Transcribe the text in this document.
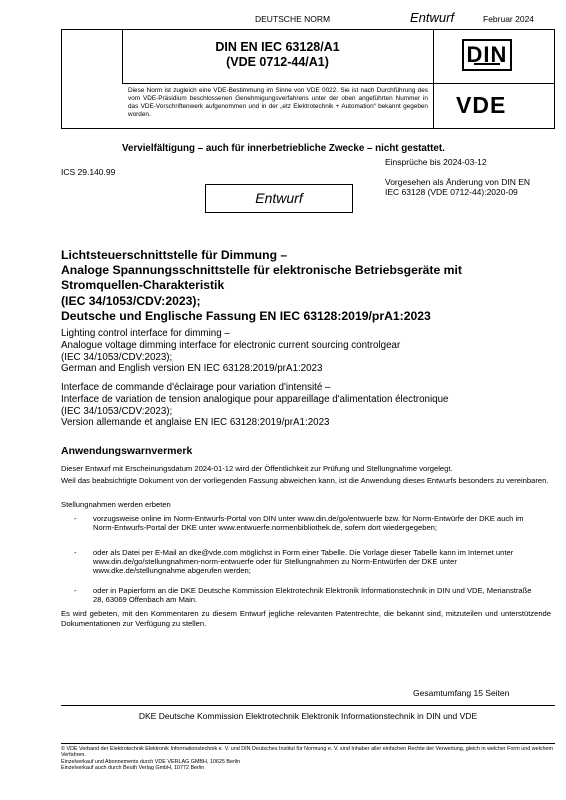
DEUTSCHE NORM	Entwurf	Februar 2024
DIN EN IEC 63128/A1
(VDE 0712-44/A1)
Diese Norm ist zugleich eine VDE-Bestimmung im Sinne von VDE 0022. Sie ist nach Durchführung des vom VDE-Präsidium beschlossenen Genehmigungsverfahrens unter der oben angeführten Nummer in das VDE-Vorschriftenwerk aufgenommen und in der „etz Elektrotechnik + Automation“ bekannt gegeben worden.
DIN
VDE
Vervielfältigung – auch für innerbetriebliche Zwecke – nicht gestattet.
Einsprüche bis 2024-03-12
ICS 29.140.99
Vorgesehen als Änderung von DIN EN IEC 63128 (VDE 0712-44):2020-09
Entwurf
Lichtsteuerschnittstelle für Dimmung –
Analoge Spannungsschnittstelle für elektronische Betriebsgeräte mit
Stromquellen-Charakteristik
(IEC 34/1053/CDV:2023);
Deutsche und Englische Fassung EN IEC 63128:2019/prA1:2023
Lighting control interface for dimming –
Analogue voltage dimming interface for electronic current sourcing controlgear
(IEC 34/1053/CDV:2023);
German and English version EN IEC 63128:2019/prA1:2023
Interface de commande d'éclairage pour variation d'intensité –
Interface de variation de tension analogique pour appareillage d'alimentation électronique
(IEC 34/1053/CDV:2023);
Version allemande et anglaise EN IEC 63128:2019/prA1:2023
Anwendungswarnvermerk
Dieser Entwurf mit Erscheinungsdatum 2024-01-12 wird der Öffentlichkeit zur Prüfung und Stellungnahme vorgelegt.
Weil das beabsichtigte Dokument von der vorliegenden Fassung abweichen kann, ist die Anwendung dieses Entwurfs besonders zu vereinbaren.
Stellungnahmen werden erbeten
- vorzugsweise online im Norm-Entwurfs-Portal von DIN unter www.din.de/go/entwuerfe bzw. für Norm-Entwürfe der DKE auch im Norm-Entwurfs-Portal der DKE unter www.entwuerfe.normenbibliothek.de, sofern dort wiedergegeben;
- oder als Datei per E-Mail an dke@vde.com möglichst in Form einer Tabelle. Die Vorlage dieser Tabelle kann im Internet unter www.din.de/go/stellungnahmen-norm-entwuerfe oder für Stellungnahmen zu Norm-Entwürfen der DKE unter www.dke.de/stellungnahme abgerufen werden;
- oder in Papierform an die DKE Deutsche Kommission Elektrotechnik Elektronik Informationstechnik in DIN und VDE, Merianstraße 28, 63069 Offenbach am Main.
Es wird gebeten, mit den Kommentaren zu diesem Entwurf jegliche relevanten Patentrechte, die bekannt sind, mitzuteilen und unterstützende Dokumentationen zur Verfügung zu stellen.
Gesamtumfang 15 Seiten
DKE Deutsche Kommission Elektrotechnik Elektronik Informationstechnik in DIN und VDE
© VDE Verband der Elektrotechnik Elektronik Informationstechnik e. V. und DIN Deutsches Institut für Normung e. V. sind Inhaber aller einfachen Rechte der Verwertung, gleich in welcher Form und welchem Verfahren.
Einzelverkauf und Abonnements durch VDE VERLAG GMBH, 10625 Berlin
Einzelverkauf auch durch Beuth Verlag GmbH, 10772 Berlin
